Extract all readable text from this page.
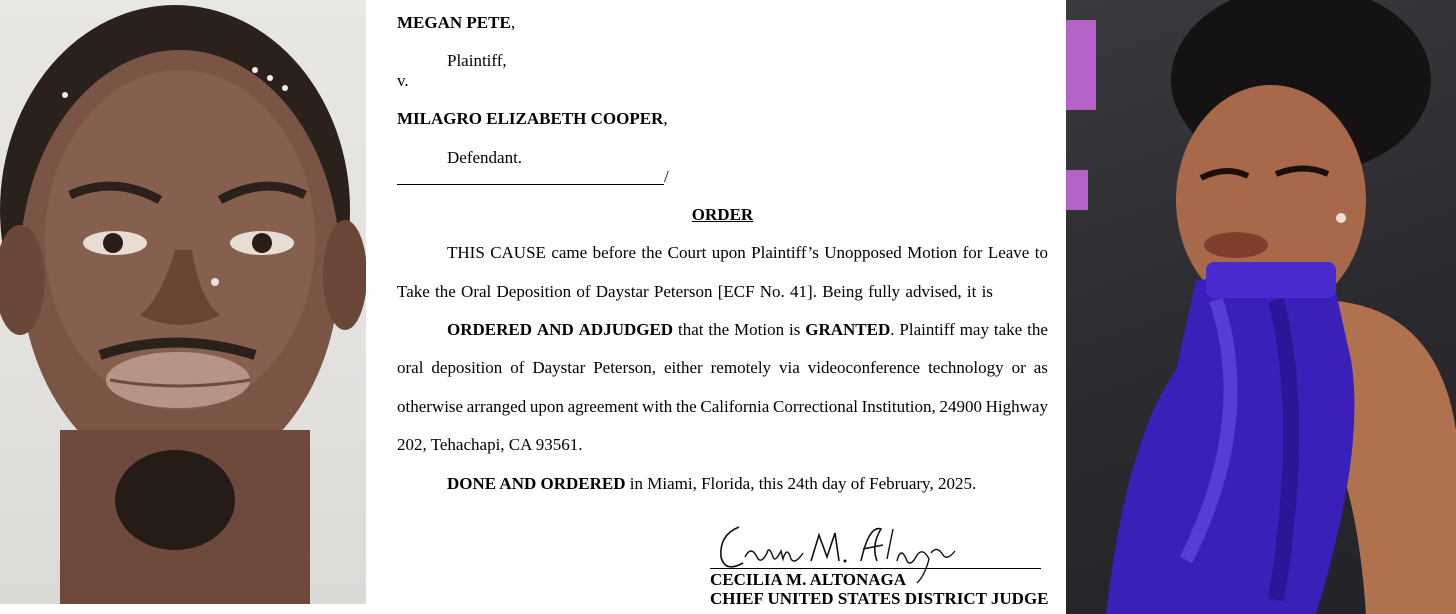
MEGAN PETE,
Plaintiff,
v.
MILAGRO ELIZABETH COOPER,
Defendant.
/
ORDER
THIS CAUSE came before the Court upon Plaintiff’s Unopposed Motion for Leave to
Take the Oral Deposition of Daystar Peterson [ECF No. 41]. Being fully advised, it is
ORDERED AND ADJUDGED that the Motion is GRANTED. Plaintiff may take the
oral deposition of Daystar Peterson, either remotely via videoconference technology or as
otherwise arranged upon agreement with the California Correctional Institution, 24900 Highway
202, Tehachapi, CA 93561.
DONE AND ORDERED in Miami, Florida, this 24th day of February, 2025.
CECILIA M. ALTONAGA
CHIEF UNITED STATES DISTRICT JUDGE
